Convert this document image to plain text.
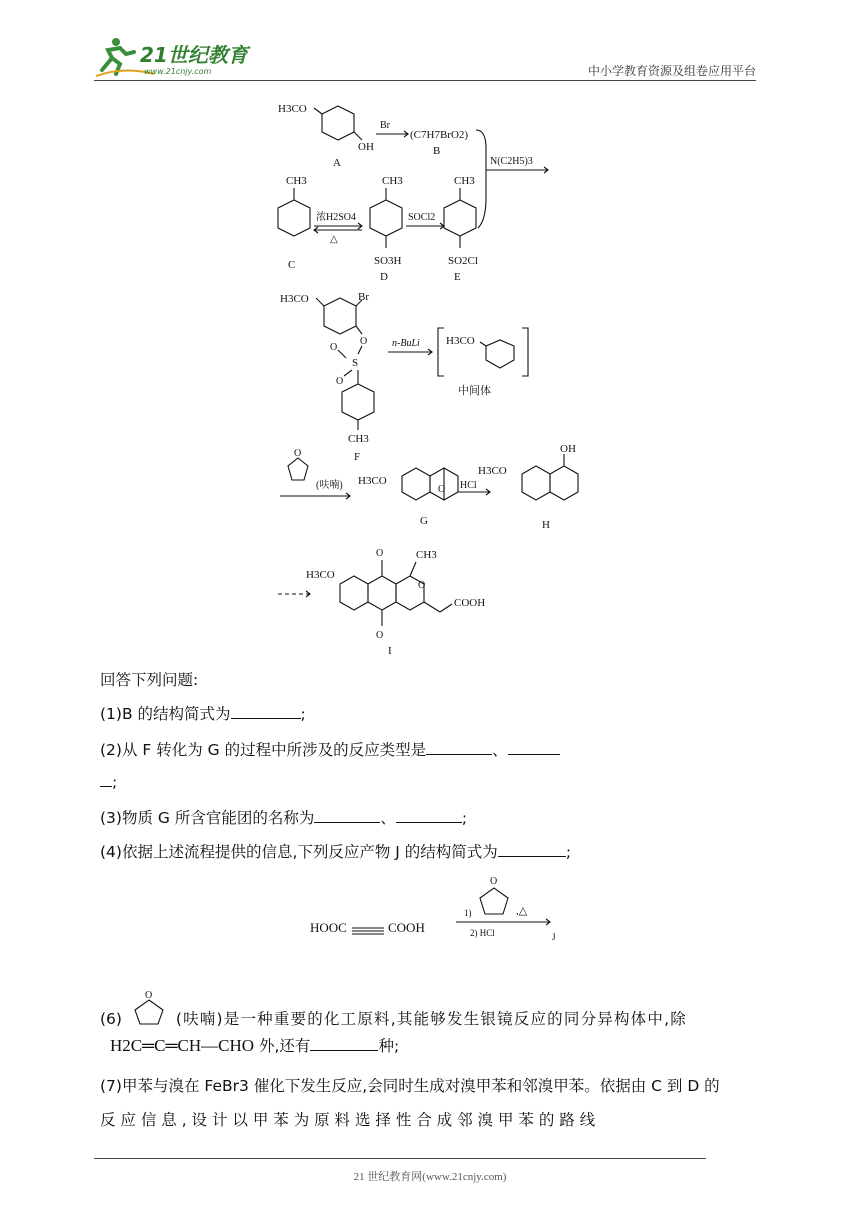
21世纪教育
www.21cnjy.com	中小学教育资源及组卷应用平台
H3CO
OH
A
Br
(C7H7BrO2)
B
N(C2H5)3
CH3
C
浓H2SO4
△
CH3
SO3H
D
SOCl2
CH3
SO2Cl
E
H3CO	Br
O
S
O
O
CH3
F
n-BuLi H3CO
中间体
O
(呋喃) H3CO
O
G
HCl
H3CO
OH
H
H3CO
O
O
O
CH3
COOH
I
回答下列问题:
(1)B 的结构简式为	;
(2)从 F 转化为 G 的过程中所涉及的反应类型是	、
;
(3)物质 G 所含官能团的名称为	、	;
(4)依据上述流程提供的信息,下列反应产物 J 的结构简式为	;
HOOC	COOH
1)
O
,△
2) HCl	J
(6)
O
(呋喃)是一种重要的化工原料,其能够发生银镜反应的同分异构体中,除
H2C═C═CH—CHO 外,还有	种;
(7)甲苯与溴在 FeBr3 催化下发生反应,会同时生成对溴甲苯和邻溴甲苯。依据由 C 到 D 的
反 应 信 息 , 设 计 以 甲 苯 为 原 料 选 择 性 合 成 邻 溴 甲 苯 的 路 线
21 世纪教育网(www.21cnjy.com)
